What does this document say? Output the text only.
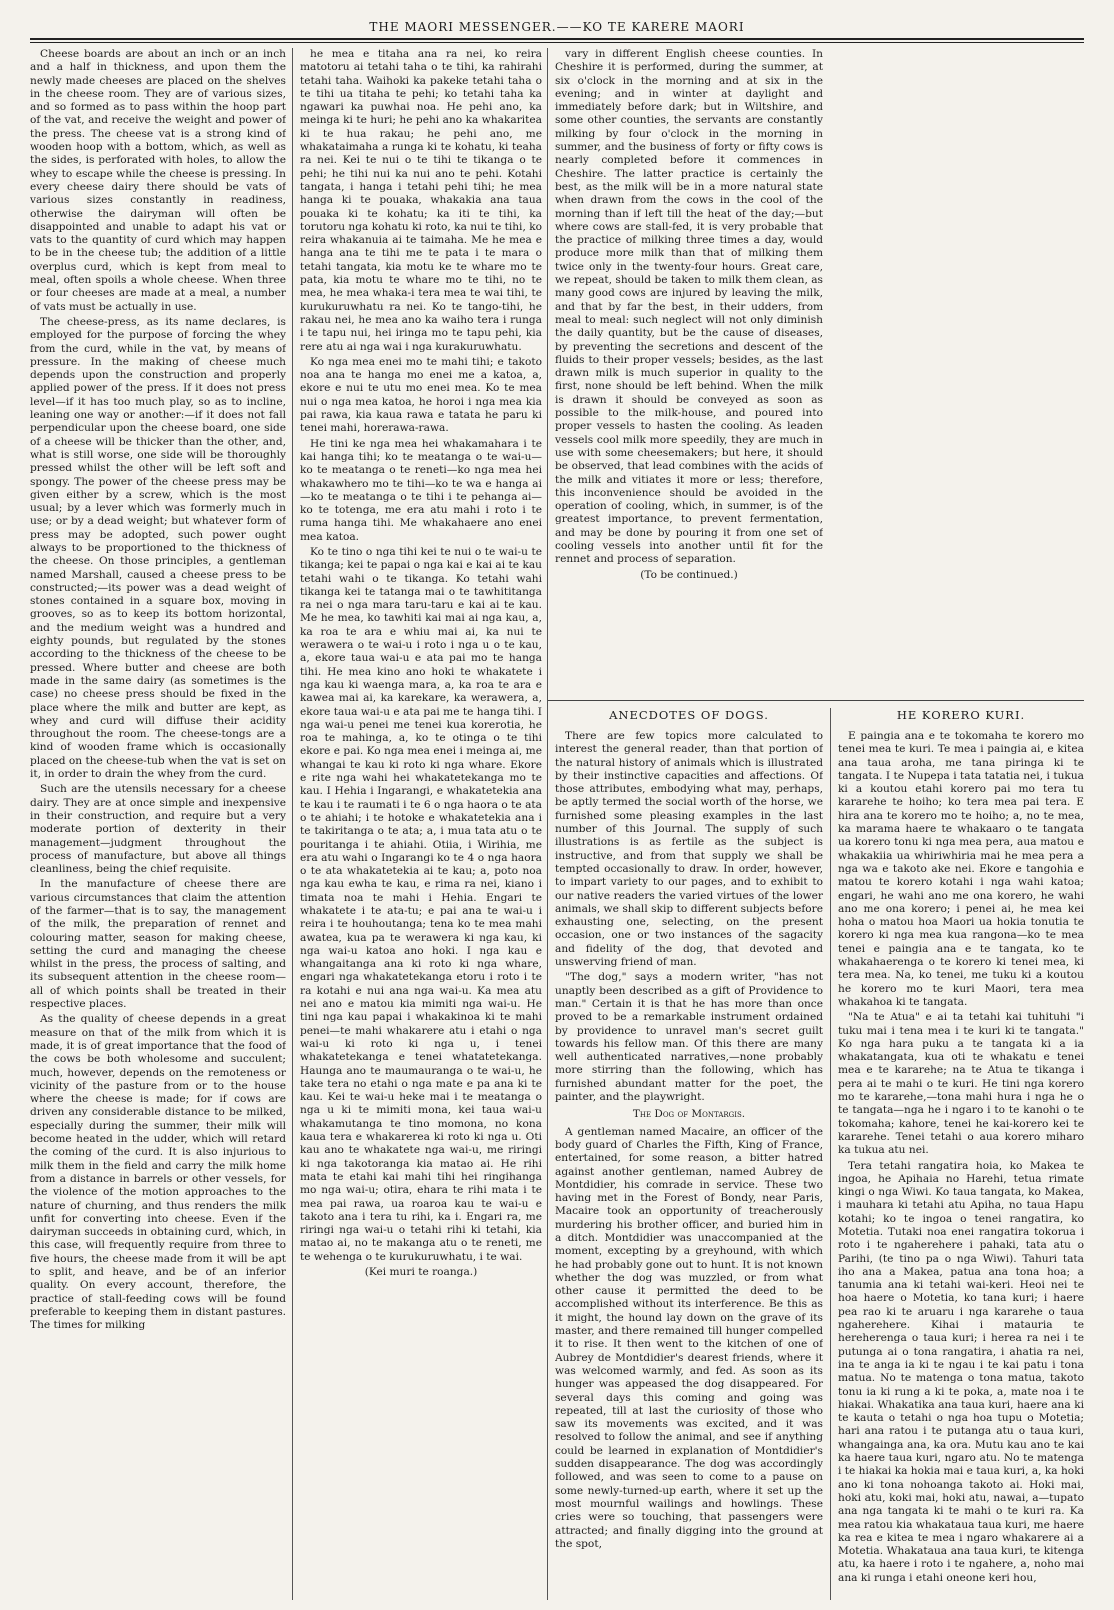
THE MAORI MESSENGER.——KO TE KARERE MAORI

Cheese boards are about an inch or an inch and a half in thickness, and upon them the newly made cheeses are placed on the shelves in the cheese room. They are of various sizes, and so formed as to pass within the hoop part of the vat, and receive the weight and power of the press. The cheese vat is a strong kind of wooden hoop with a bottom, which, as well as the sides, is perforated with holes, to allow the whey to escape while the cheese is pressing. In every cheese dairy there should be vats of various sizes constantly in readiness, otherwise the dairyman will often be disappointed and unable to adapt his vat or vats to the quantity of curd which may happen to be in the cheese tub; the addition of a little overplus curd, which is kept from meal to meal, often spoils a whole cheese. When three or four cheeses are made at a meal, a number of vats must be actually in use.

The cheese-press, as its name declares, is employed for the purpose of forcing the whey from the curd, while in the vat, by means of pressure. In the making of cheese much depends upon the construction and properly applied power of the press. If it does not press level—if it has too much play, so as to incline, leaning one way or another:—if it does not fall perpendicular upon the cheese board, one side of a cheese will be thicker than the other, and, what is still worse, one side will be thoroughly pressed whilst the other will be left soft and spongy. The power of the cheese press may be given either by a screw, which is the most usual; by a lever which was formerly much in use; or by a dead weight; but whatever form of press may be adopted, such power ought always to be proportioned to the thickness of the cheese. On those principles, a gentleman named Marshall, caused a cheese press to be constructed;—its power was a dead weight of stones contained in a square box, moving in grooves, so as to keep its bottom horizontal, and the medium weight was a hundred and eighty pounds, but regulated by the stones according to the thickness of the cheese to be pressed. Where butter and cheese are both made in the same dairy (as sometimes is the case) no cheese press should be fixed in the place where the milk and butter are kept, as whey and curd will diffuse their acidity throughout the room. The cheese-tongs are a kind of wooden frame which is occasionally placed on the cheese-tub when the vat is set on it, in order to drain the whey from the curd.

Such are the utensils necessary for a cheese dairy. They are at once simple and inexpensive in their construction, and require but a very moderate portion of dexterity in their management—judgment throughout the process of manufacture, but above all things cleanliness, being the chief requisite.

In the manufacture of cheese there are various circumstances that claim the attention of the farmer—that is to say, the management of the milk, the preparation of rennet and colouring matter, season for making cheese, setting the curd and managing the cheese whilst in the press, the process of salting, and its subsequent attention in the cheese room—all of which points shall be treated in their respective places.

As the quality of cheese depends in a great measure on that of the milk from which it is made, it is of great importance that the food of the cows be both wholesome and succulent; much, however, depends on the remoteness or vicinity of the pasture from or to the house where the cheese is made; for if cows are driven any considerable distance to be milked, especially during the summer, their milk will become heated in the udder, which will retard the coming of the curd. It is also injurious to milk them in the field and carry the milk home from a distance in barrels or other vessels, for the violence of the motion approaches to the nature of churning, and thus renders the milk unfit for converting into cheese. Even if the dairyman succeeds in obtaining curd, which, in this case, will frequently require from three to five hours, the cheese made from it will be apt to split, and heave, and be of an inferior quality. On every account, therefore, the practice of stall-feeding cows will be found preferable to keeping them in distant pastures. The times for milking

he mea e titaha ana ra nei, ko reira matotoru ai tetahi taha o te tihi, ka rahirahi tetahi taha. Waihoki ka pakeke tetahi taha o te tihi ua titaha te pehi; ko tetahi taha ka ngawari ka puwhai noa. He pehi ano, ka meinga ki te huri; he pehi ano ka whakaritea ki te hua rakau; he pehi ano, me whakataimaha a runga ki te kohatu, ki teaha ra nei. Kei te nui o te tihi te tikanga o te pehi; he tihi nui ka nui ano te pehi. Kotahi tangata, i hanga i tetahi pehi tihi; he mea hanga ki te pouaka, whakakia ana taua pouaka ki te kohatu; ka iti te tihi, ka torutoru nga kohatu ki roto, ka nui te tihi, ko reira whakanuia ai te taimaha. Me he mea e hanga ana te tihi me te pata i te mara o tetahi tangata, kia motu ke te whare mo te pata, kia motu te whare mo te tihi, no te mea, he mea whaka-i tera mea te wai tihi, te kurukuruwhatu ra nei. Ko te tango-tihi, he rakau nei, he mea ano ka waiho tera i runga i te tapu nui, hei iringa mo te tapu pehi, kia rere atu ai nga wai i nga kurakuruwhatu.

Ko nga mea enei mo te mahi tihi; e takoto noa ana te hanga mo enei me a katoa, a, ekore e nui te utu mo enei mea. Ko te mea nui o nga mea katoa, he horoi i nga mea kia pai rawa, kia kaua rawa e tatata he paru ki tenei mahi, horerawa-rawa.

He tini ke nga mea hei whakamahara i te kai hanga tihi; ko te meatanga o te wai-u—ko te meatanga o te reneti—ko nga mea hei whakawhero mo te tihi—ko te wa e hanga ai—ko te meatanga o te tihi i te pehanga ai—ko te totenga, me era atu mahi i roto i te ruma hanga tihi. Me whakahaere ano enei mea katoa.

Ko te tino o nga tihi kei te nui o te wai-u te tikanga; kei te papai o nga kai e kai ai te kau tetahi wahi o te tikanga. Ko tetahi wahi tikanga kei te tatanga mai o te tawhititanga ra nei o nga mara taru-taru e kai ai te kau. Me he mea, ko tawhiti kai mai ai nga kau, a, ka roa te ara e whiu mai ai, ka nui te werawera o te wai-u i roto i nga u o te kau, a, ekore taua wai-u e ata pai mo te hanga tihi. He mea kino ano hoki te whakatete i nga kau ki waenga mara, a, ka roa te ara e kawea mai ai, ka karekare, ka werawera, a, ekore taua wai-u e ata pai me te hanga tihi. I nga wai-u penei me tenei kua korerotia, he roa te mahinga, a, ko te otinga o te tihi ekore e pai. Ko nga mea enei i meinga ai, me whangai te kau ki roto ki nga whare. Ekore e rite nga wahi hei whakatetekanga mo te kau. I Hehia i Ingarangi, e whakatetekia ana te kau i te raumati i te 6 o nga haora o te ata o te ahiahi; i te hotoke e whakatetekia ana i te takiritanga o te ata; a, i mua tata atu o te pouritanga i te ahiahi. Otiia, i Wirihia, me era atu wahi o Ingarangi ko te 4 o nga haora o te ata whakatetekia ai te kau; a, poto noa nga kau ewha te kau, e rima ra nei, kiano i timata noa te mahi i Hehia. Engari te whakatete i te ata-tu; e pai ana te wai-u i reira i te houhoutanga; tena ko te mea mahi awatea, kua pa te werawera ki nga kau, ki nga wai-u katoa ano hoki. I nga kau e whangaitanga ana ki roto ki nga whare, engari nga whakatetekanga etoru i roto i te ra kotahi e nui ana nga wai-u. Ka mea atu nei ano e matou kia mimiti nga wai-u. He tini nga kau papai i whakakinoa ki te mahi penei—te mahi whakarere atu i etahi o nga wai-u ki roto ki nga u, i tenei whakatetekanga e tenei whatatetekanga. Haunga ano te maumauranga o te wai-u, he take tera no etahi o nga mate e pa ana ki te kau. Kei te wai-u heke mai i te meatanga o nga u ki te mimiti mona, kei taua wai-u whakamutanga te tino momona, no kona kaua tera e whakarerea ki roto ki nga u. Oti kau ano te whakatete nga wai-u, me riringi ki nga takotoranga kia matao ai. He rihi mata te etahi kai mahi tihi hei ringihanga mo nga wai-u; otira, ehara te rihi mata i te mea pai rawa, ua roaroa kau te wai-u e takoto ana i tera tu rihi, ka i. Engari ra, me riringi nga wai-u o tetahi rihi ki tetahi, kia matao ai, no te makanga atu o te reneti, me te wehenga o te kurukuruwhatu, i te wai.

(Kei muri te roanga.)

vary in different English cheese counties. In Cheshire it is performed, during the summer, at six o'clock in the morning and at six in the evening; and in winter at daylight and immediately before dark; but in Wiltshire, and some other counties, the servants are constantly milking by four o'clock in the morning in summer, and the business of forty or fifty cows is nearly completed before it commences in Cheshire. The latter practice is certainly the best, as the milk will be in a more natural state when drawn from the cows in the cool of the morning than if left till the heat of the day;—but where cows are stall-fed, it is very probable that the practice of milking three times a day, would produce more milk than that of milking them twice only in the twenty-four hours. Great care, we repeat, should be taken to milk them clean, as many good cows are injured by leaving the milk, and that by far the best, in their udders, from meal to meal: such neglect will not only diminish the daily quantity, but be the cause of diseases, by preventing the secretions and descent of the fluids to their proper vessels; besides, as the last drawn milk is much superior in quality to the first, none should be left behind. When the milk is drawn it should be conveyed as soon as possible to the milk-house, and poured into proper vessels to hasten the cooling. As leaden vessels cool milk more speedily, they are much in use with some cheesemakers; but here, it should be observed, that lead combines with the acids of the milk and vitiates it more or less; therefore, this inconvenience should be avoided in the operation of cooling, which, in summer, is of the greatest importance, to prevent fermentation, and may be done by pouring it from one set of cooling vessels into another until fit for the rennet and process of separation.

(To be continued.)

ANECDOTES OF DOGS.

There are few topics more calculated to interest the general reader, than that portion of the natural history of animals which is illustrated by their instinctive capacities and affections. Of those attributes, embodying what may, perhaps, be aptly termed the social worth of the horse, we furnished some pleasing examples in the last number of this Journal. The supply of such illustrations is as fertile as the subject is instructive, and from that supply we shall be tempted occasionally to draw. In order, however, to impart variety to our pages, and to exhibit to our native readers the varied virtues of the lower animals, we shall skip to different subjects before exhausting one, selecting, on the present occasion, one or two instances of the sagacity and fidelity of the dog, that devoted and unswerving friend of man.

"The dog," says a modern writer, "has not unaptly been described as a gift of Providence to man." Certain it is that he has more than once proved to be a remarkable instrument ordained by providence to unravel man's secret guilt towards his fellow man. Of this there are many well authenticated narratives,—none probably more stirring than the following, which has furnished abundant matter for the poet, the painter, and the playwright.

The Dog of Montargis.

A gentleman named Macaire, an officer of the body guard of Charles the Fifth, King of France, entertained, for some reason, a bitter hatred against another gentleman, named Aubrey de Montdidier, his comrade in service. These two having met in the Forest of Bondy, near Paris, Macaire took an opportunity of treacherously murdering his brother officer, and buried him in a ditch. Montdidier was unaccompanied at the moment, excepting by a greyhound, with which he had probably gone out to hunt. It is not known whether the dog was muzzled, or from what other cause it permitted the deed to be accomplished without its interference. Be this as it might, the hound lay down on the grave of its master, and there remained till hunger compelled it to rise. It then went to the kitchen of one of Aubrey de Montdidier's dearest friends, where it was welcomed warmly, and fed. As soon as its hunger was appeased the dog disappeared. For several days this coming and going was repeated, till at last the curiosity of those who saw its movements was excited, and it was resolved to follow the animal, and see if anything could be learned in explanation of Montdidier's sudden disappearance. The dog was accordingly followed, and was seen to come to a pause on some newly-turned-up earth, where it set up the most mournful wailings and howlings. These cries were so touching, that passengers were attracted; and finally digging into the ground at the spot,

HE KORERO KURI.

E paingia ana e te tokomaha te korero mo tenei mea te kuri. Te mea i paingia ai, e kitea ana taua aroha, me tana piringa ki te tangata. I te Nupepa i tata tatatia nei, i tukua ki a koutou etahi korero pai mo tera tu kararehe te hoiho; ko tera mea pai tera. E hira ana te korero mo te hoiho; a, no te mea, ka marama haere te whakaaro o te tangata ua korero tonu ki nga mea pera, aua matou e whakakiia ua whiriwhiria mai he mea pera a nga wa e takoto ake nei. Ekore e tangohia e matou te korero kotahi i nga wahi katoa; engari, he wahi ano me ona korero, he wahi ano me ona korero; i penei ai, he mea kei hoha o matou hoa Maori ua hokia tonutia te korero ki nga mea kua rangona—ko te mea tenei e paingia ana e te tangata, ko te whakahaerenga o te korero ki tenei mea, ki tera mea. Na, ko tenei, me tuku ki a koutou he korero mo te kuri Maori, tera mea whakahoa ki te tangata.

"Na te Atua" e ai ta tetahi kai tuhituhi "i tuku mai i tena mea i te kuri ki te tangata." Ko nga hara puku a te tangata ki a ia whakatangata, kua oti te whakatu e tenei mea e te kararehe; na te Atua te tikanga i pera ai te mahi o te kuri. He tini nga korero mo te kararehe,—tona mahi hura i nga he o te tangata—nga he i ngaro i to te kanohi o te tokomaha; kahore, tenei he kai-korero kei te kararehe. Tenei tetahi o aua korero miharo ka tukua atu nei.

Tera tetahi rangatira hoia, ko Makea te ingoa, he Apihaia no Harehi, tetua rimate kingi o nga Wiwi. Ko taua tangata, ko Makea, i mauhara ki tetahi atu Apiha, no taua Hapu kotahi; ko te ingoa o tenei rangatira, ko Motetia. Tutaki noa enei rangatira tokorua i roto i te ngaherehere i pahaki, tata atu o Parihi, (te tino pa o nga Wiwi). Tahuri tata iho ana a Makea, patua ana tona hoa; a tanumia ana ki tetahi wai-keri. Heoi nei te hoa haere o Motetia, ko tana kuri; i haere pea rao ki te aruaru i nga kararehe o taua ngaherehere. Kihai i matauria te hereherenga o taua kuri; i herea ra nei i te putunga ai o tona rangatira, i ahatia ra nei, ina te anga ia ki te ngau i te kai patu i tona matua. No te matenga o tona matua, takoto tonu ia ki rung a ki te poka, a, mate noa i te hiakai. Whakatika ana taua kuri, haere ana ki te kauta o tetahi o nga hoa tupu o Motetia; hari ana ratou i te putanga atu o taua kuri, whangainga ana, ka ora. Mutu kau ano te kai ka haere taua kuri, ngaro atu. No te matenga i te hiakai ka hokia mai e taua kuri, a, ka hoki ano ki tona nohoanga takoto ai. Hoki mai, hoki atu, koki mai, hoki atu, nawai, a—tupato ana nga tangata ki te mahi o te kuri ra. Ka mea ratou kia whakataua taua kuri, me haere ka rea e kitea te mea i ngaro whakarere ai a Motetia. Whakataua ana taua kuri, te kitenga atu, ka haere i roto i te ngahere, a, noho mai ana ki runga i etahi oneone keri hou,
